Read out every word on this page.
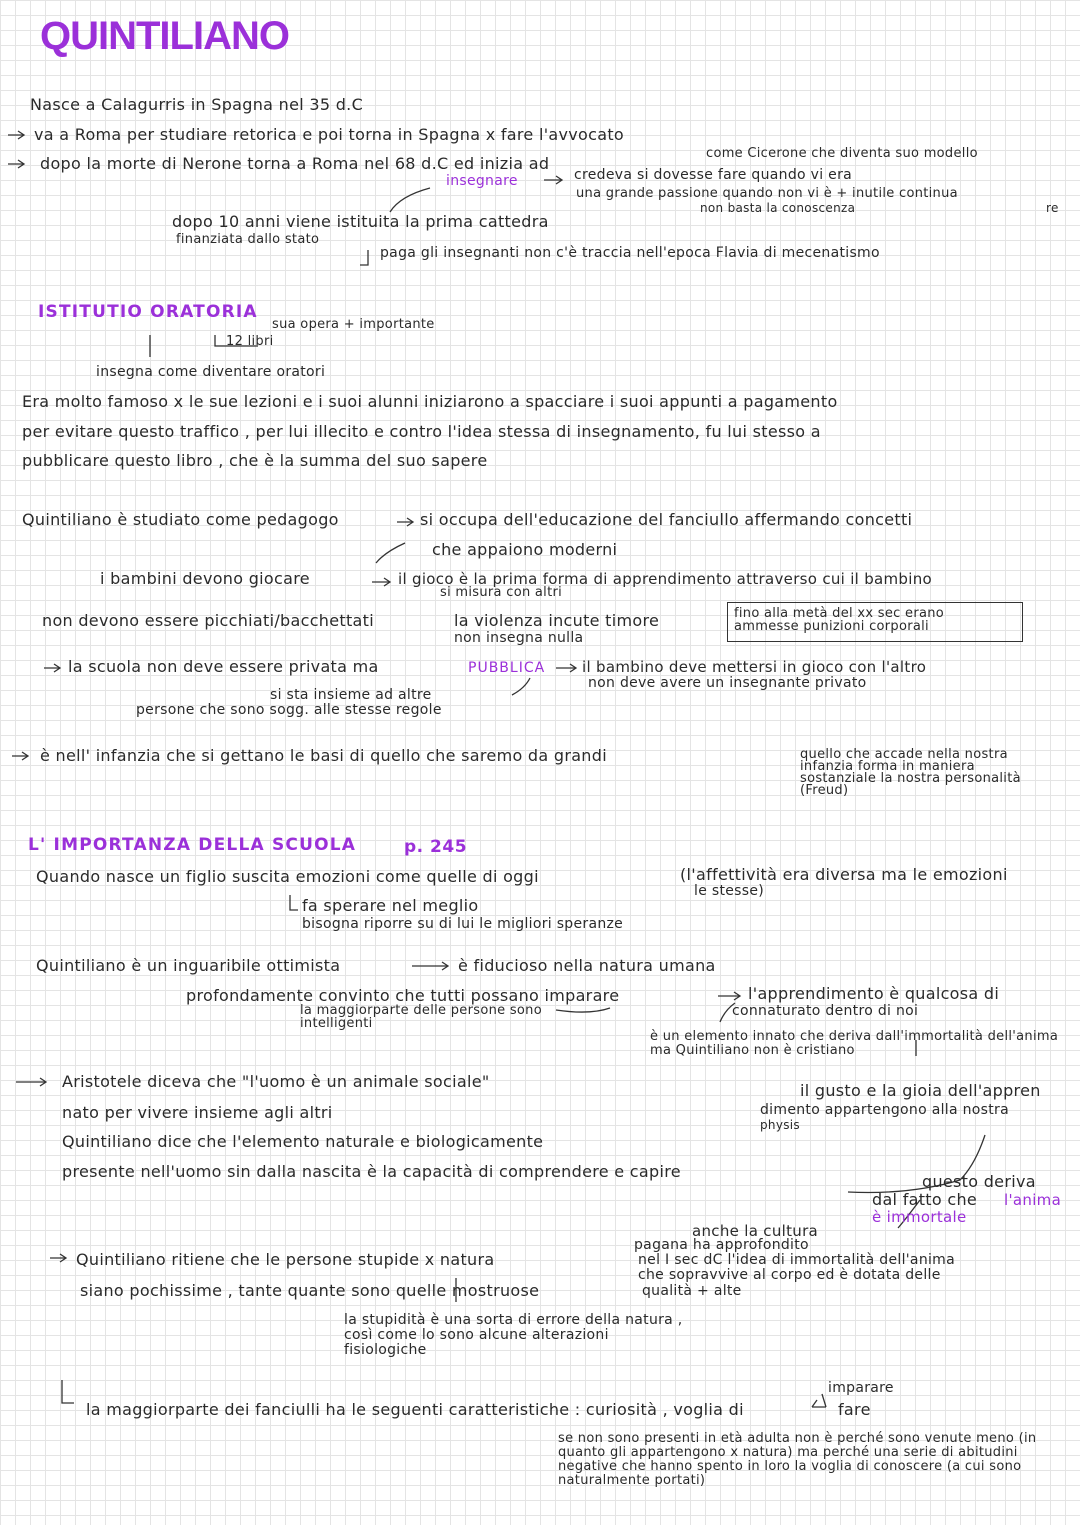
QUINTILIANO
Nasce a Calagurris in Spagna nel 35 d.C
va a Roma per studiare retorica e poi torna in Spagna x fare l'avvocato
come Cicerone che diventa suo modello
dopo la morte di Nerone torna a Roma nel 68 d.C ed inizia ad
insegnare	credeva si dovesse fare quando vi era
una grande passione quando non vi è + inutile continua
re
non basta la conoscenza
dopo 10 anni viene istituita la prima cattedra
finanziata dallo stato
paga gli insegnanti non c'è traccia nell'epoca Flavia di mecenatismo
ISTITUTIO ORATORIA
sua opera + importante
12 libri
insegna come diventare oratori
Era molto famoso x le sue lezioni e i suoi alunni iniziarono a spacciare i suoi appunti a pagamento
per evitare questo traffico , per lui illecito e contro l'idea stessa di insegnamento, fu lui stesso a
pubblicare questo libro , che è la summa del suo sapere
Quintiliano è studiato come pedagogo	si occupa dell'educazione del fanciullo affermando concetti
che appaiono moderni
i bambini devono giocare	il gioco è la prima forma di apprendimento attraverso cui il bambino
si misura con altri
non devono essere picchiati/bacchettati	la violenza incute timore
non insegna nulla
fino alla metà del xx sec erano ammesse punizioni corporali
la scuola non deve essere privata ma	PUBBLICA il bambino deve mettersi in gioco con l'altro
non deve avere un insegnante privato
si sta insieme ad altre
persone che sono sogg. alle stesse regole
è nell' infanzia che si gettano le basi di quello che saremo da grandi	quello che accade nella nostra infanzia forma in maniera sostanziale la nostra personalità (Freud)
L' IMPORTANZA DELLA SCUOLA	p. 245
Quando nasce un figlio suscita emozioni come quelle di oggi	(l'affettività era diversa ma le emozioni
le stesse)
fa sperare nel meglio
bisogna riporre su di lui le migliori speranze
Quintiliano è un inguaribile ottimista	è fiducioso nella natura umana
profondamente convinto che tutti possano imparare	l'apprendimento è qualcosa di
connaturato dentro di noi
la maggiorparte delle persone sono intelligenti
è un elemento innato che deriva dall'immortalità dell'anima ma Quintiliano non è cristiano
Aristotele diceva che "l'uomo è un animale sociale"
nato per vivere insieme agli altri
il gusto e la gioia dell'appren
dimento appartengono alla nostra
physis
Quintiliano dice che l'elemento naturale e biologicamente
presente nell'uomo sin dalla nascita è la capacità di comprendere e capire
questo deriva
dal fatto che l'anima
è immortale
anche la cultura
pagana ha approfondito
nel I sec dC l'idea di immortalità dell'anima
che sopravvive al corpo ed è dotata delle
qualità + alte
Quintiliano ritiene che le persone stupide x natura
siano pochissime , tante quante sono quelle mostruose
la stupidità è una sorta di errore della natura , così come lo sono alcune alterazioni fisiologiche
la maggiorparte dei fanciulli ha le seguenti caratteristiche : curiosità , voglia di
imparare
fare
se non sono presenti in età adulta non è perché sono venute meno (in quanto gli appartengono x natura) ma perché una serie di abitudini negative che hanno spento in loro la voglia di conoscere (a cui sono naturalmente portati)
